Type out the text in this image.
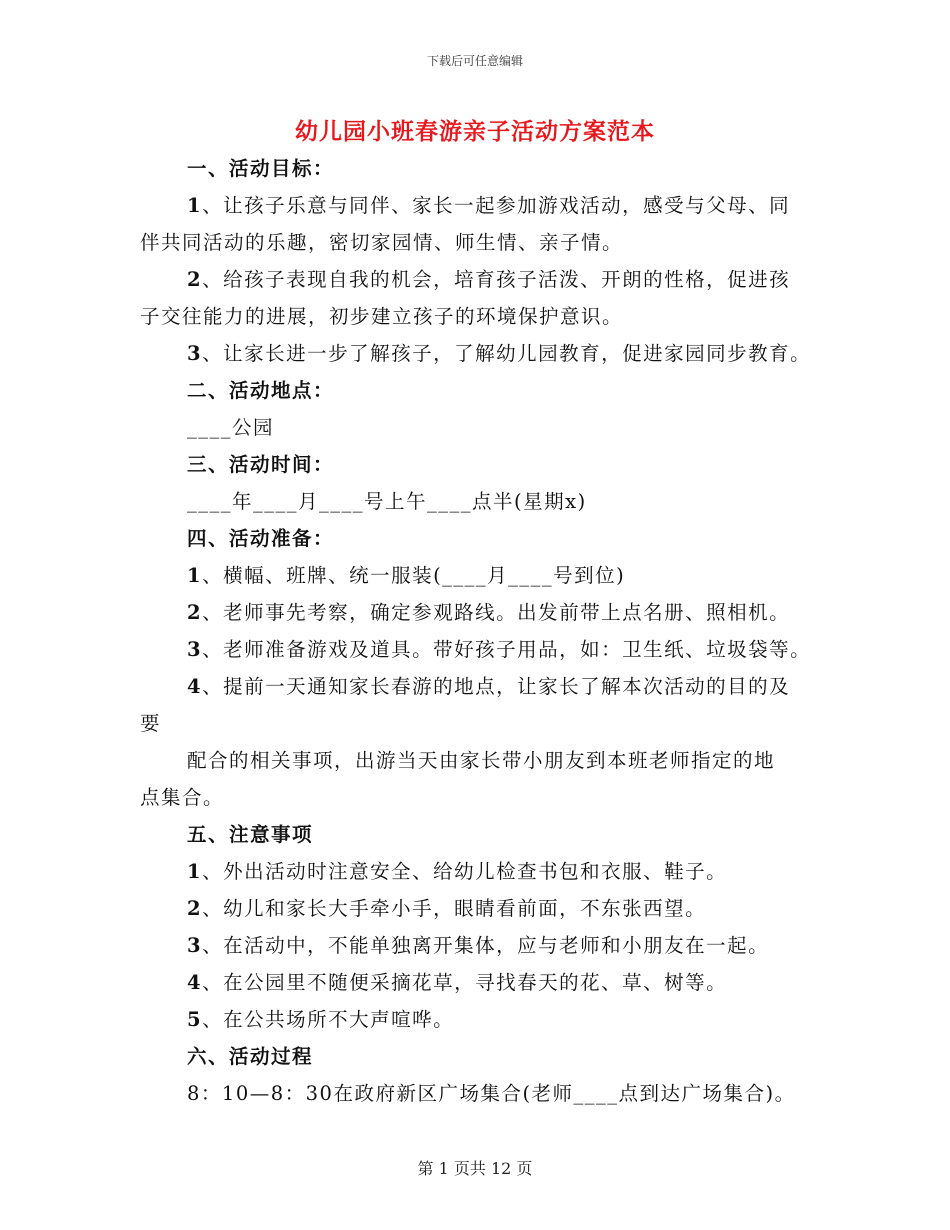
下载后可任意编辑
幼儿园小班春游亲子活动方案范本
一、活动目标：
1、让孩子乐意与同伴、家长一起参加游戏活动，感受与父母、同
伴共同活动的乐趣，密切家园情、师生情、亲子情。
2、给孩子表现自我的机会，培育孩子活泼、开朗的性格，促进孩
子交往能力的进展，初步建立孩子的环境保护意识。
3、让家长进一步了解孩子，了解幼儿园教育，促进家园同步教育。
二、活动地点：
____公园
三、活动时间：
____年____月____号上午____点半(星期x)
四、活动准备：
1、横幅、班牌、统一服装(____月____号到位)
2、老师事先考察，确定参观路线。出发前带上点名册、照相机。
3、老师准备游戏及道具。带好孩子用品，如：卫生纸、垃圾袋等。
4、提前一天通知家长春游的地点，让家长了解本次活动的目的及
要
配合的相关事项，出游当天由家长带小朋友到本班老师指定的地
点集合。
五、注意事项
1、外出活动时注意安全、给幼儿检查书包和衣服、鞋子。
2、幼儿和家长大手牵小手，眼睛看前面，不东张西望。
3、在活动中，不能单独离开集体，应与老师和小朋友在一起。
4、在公园里不随便采摘花草，寻找春天的花、草、树等。
5、在公共场所不大声喧哗。
六、活动过程
8：10—8：30在政府新区广场集合(老师____点到达广场集合)。
第 1 页共 12 页
